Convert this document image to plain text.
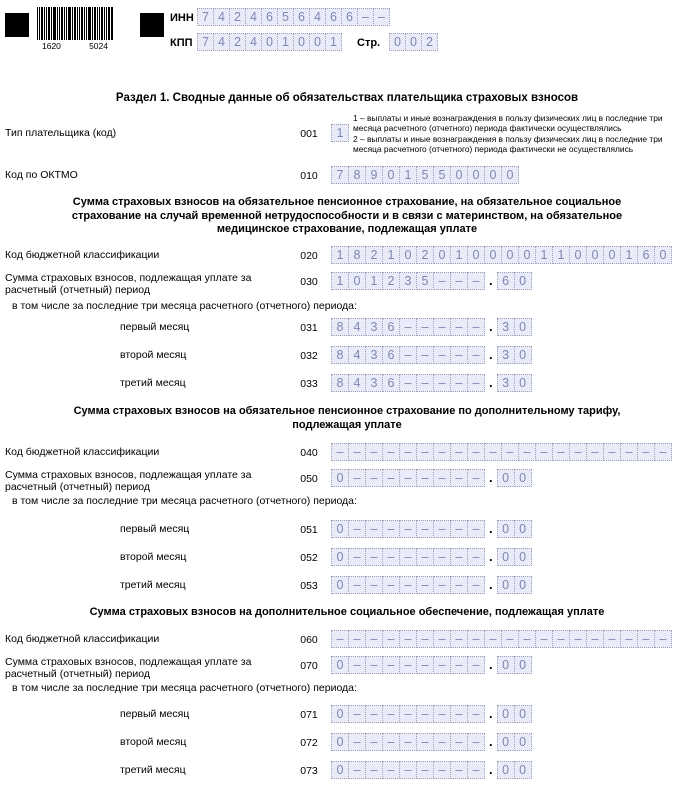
1620	5024
ИНН 7 4 2 4 6 5 6 4 6 6 – –
КПП 7 4 2 4 0 1 0 0 1	Стр.	0 0 2
Раздел 1. Сводные данные об обязательствах плательщика страховых взносов
Тип плательщика (код)	001	1
1 – выплаты и иные вознаграждения в пользу физических лиц в последние три месяца расчетного (отчетного) периода фактически осуществлялись
2 – выплаты и иные вознаграждения в пользу физических лиц в последние три месяца расчетного (отчетного) периода фактически не осуществлялись
Код по ОКТМО	010	7 8 9 0 1 5 5 0 0 0 0
Сумма страховых взносов на обязательное пенсионное страхование, на обязательное социальное страхование на случай временной нетрудоспособности и в связи с материнством, на обязательное медицинское страхование, подлежащая уплате
Код бюджетной классификации	020	1 8 2 1 0 2 0 1 0 0 0 0 1 1 0 0 0 1 6 0
Сумма страховых взносов, подлежащая уплате за расчетный (отчетный) период
030	1 0 1 2 3 5 – – – . 6 0
в том числе за последние три месяца расчетного (отчетного) периода:
первый месяц	031	8 4 3 6 – – – – – . 3 0
второй месяц	032	8 4 3 6 – – – – – . 3 0
третий месяц	033	8 4 3 6 – – – – – . 3 0
Сумма страховых взносов на обязательное пенсионное страхование по дополнительному тарифу, подлежащая уплате
Код бюджетной классификации	040	– – – – – – – – – – – – – – – – – – – –
Сумма страховых взносов, подлежащая уплате за расчетный (отчетный) период
050	0 – – – – – – – – . 0 0
в том числе за последние три месяца расчетного (отчетного) периода:
первый месяц	051	0 – – – – – – – – . 0 0
второй месяц	052	0 – – – – – – – – . 0 0
третий месяц	053	0 – – – – – – – – . 0 0
Сумма страховых взносов на дополнительное социальное обеспечение, подлежащая уплате
Код бюджетной классификации	060	– – – – – – – – – – – – – – – – – – – –
Сумма страховых взносов, подлежащая уплате за расчетный (отчетный) период
070	0 – – – – – – – – . 0 0
в том числе за последние три месяца расчетного (отчетного) периода:
первый месяц	071	0 – – – – – – – – . 0 0
второй месяц	072	0 – – – – – – – – . 0 0
третий месяц	073	0 – – – – – – – – . 0 0
